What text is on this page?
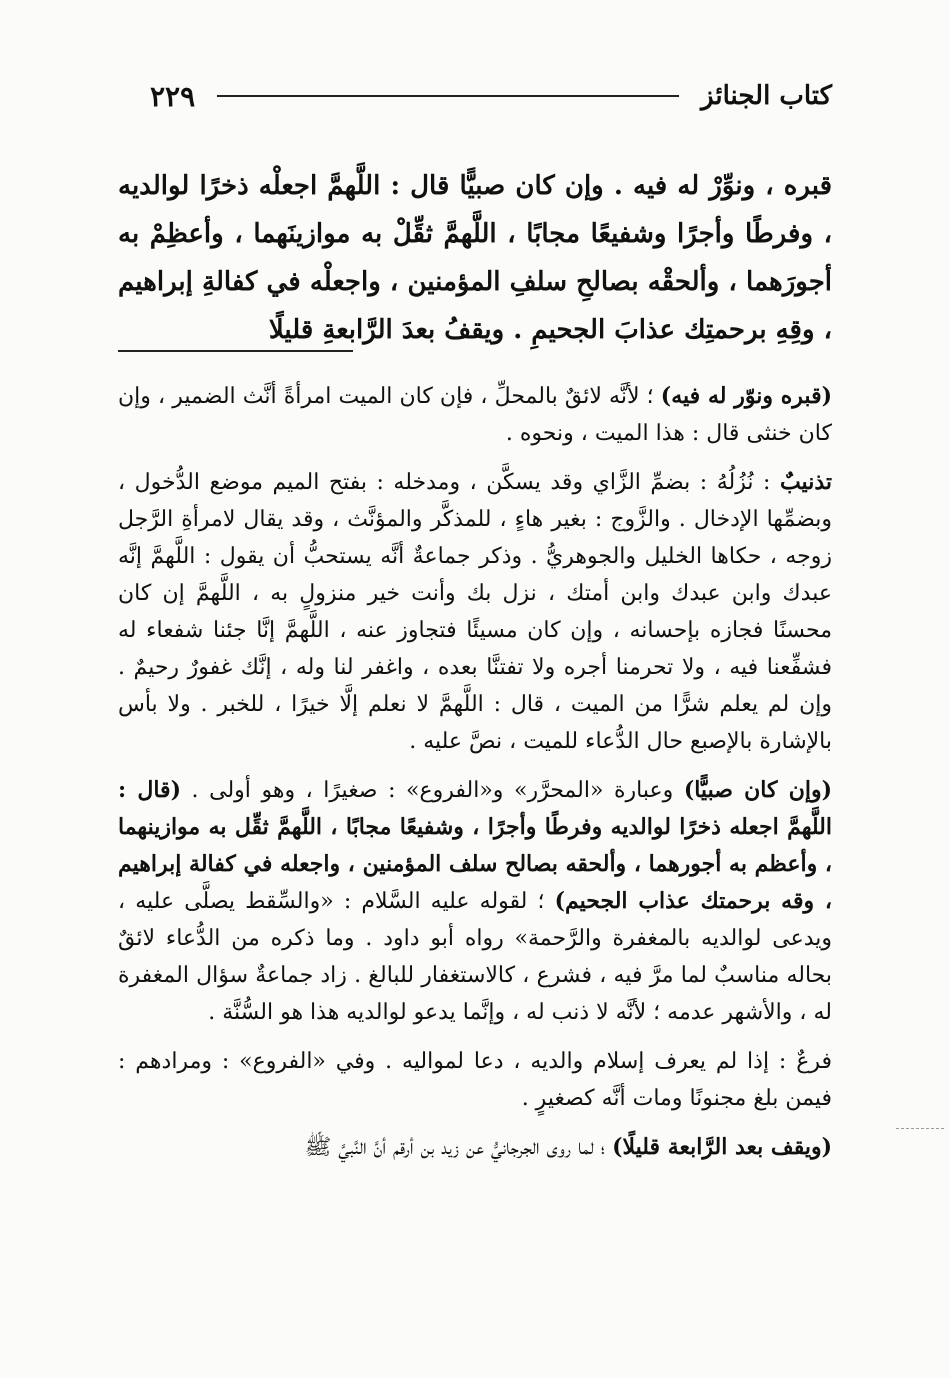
كتاب الجنائز
٢٢٩

قبره ، ونوِّرْ له فيه . وإن كان صبيًّا قال : اللَّهمَّ اجعلْه ذخرًا لوالديه ، وفرطًا وأجرًا وشفيعًا مجابًا ، اللَّهمَّ ثقِّلْ به موازينَهما ، وأعظِمْ به أجورَهما ، وألحقْه بصالحِ سلفِ المؤمنين ، واجعلْه في كفالةِ إبراهيم ، وقِهِ برحمتِك عذابَ الجحيمِ . ويقفُ بعدَ الرَّابعةِ قليلًا

(قبره ونوّر له فيه) ؛ لأنَّه لائقٌ بالمحلِّ ، فإن كان الميت امرأةً أنَّث الضمير ، وإن كان خنثى قال : هذا الميت ، ونحوه .

تذنيبٌ : نُزُلُهُ : بضمِّ الزَّاي وقد يسكَّن ، ومدخله : بفتح الميم موضع الدُّخول ، وبضمِّها الإدخال . والزَّوج : بغير هاءٍ ، للمذكَّر والمؤنَّث ، وقد يقال لامرأةِ الرَّجل زوجه ، حكاها الخليل والجوهريُّ . وذكر جماعةٌ أنَّه يستحبُّ أن يقول : اللَّهمَّ إنَّه عبدك وابن عبدك وابن أمتك ، نزل بك وأنت خير منزولٍ به ، اللَّهمَّ إن كان محسنًا فجازه بإحسانه ، وإن كان مسيئًا فتجاوز عنه ، اللَّهمَّ إنَّا جئنا شفعاء له فشفِّعنا فيه ، ولا تحرمنا أجره ولا تفتنَّا بعده ، واغفر لنا وله ، إنَّك غفورٌ رحيمٌ . وإن لم يعلم شرًّا من الميت ، قال : اللَّهمَّ لا نعلم إلَّا خيرًا ، للخبر . ولا بأس بالإشارة بالإصبع حال الدُّعاء للميت ، نصَّ عليه .

(وإن كان صبيًّا) وعبارة «المحرَّر» و«الفروع» : صغيرًا ، وهو أولى . (قال : اللَّهمَّ اجعله ذخرًا لوالديه وفرطًا وأجرًا ، وشفيعًا مجابًا ، اللَّهمَّ ثقِّل به موازينهما ، وأعظم به أجورهما ، وألحقه بصالح سلف المؤمنين ، واجعله في كفالة إبراهيم ، وقه برحمتك عذاب الجحيم) ؛ لقوله عليه السَّلام : «والسِّقط يصلَّى عليه ، ويدعى لوالديه بالمغفرة والرَّحمة» رواه أبو داود . وما ذكره من الدُّعاء لائقٌ بحاله مناسبٌ لما مرَّ فيه ، فشرع ، كالاستغفار للبالغ . زاد جماعةٌ سؤال المغفرة له ، والأشهر عدمه ؛ لأنَّه لا ذنب له ، وإنَّما يدعو لوالديه هذا هو السُّنَّة .

فرعٌ : إذا لم يعرف إسلام والديه ، دعا لمواليه . وفي «الفروع» : ومرادهم : فيمن بلغ مجنونًا ومات أنَّه كصغيرٍ .

(ويقف بعد الرَّابعة قليلًا) ؛ لما روى الجرجانيُّ عن زيد بن أرقم أنَّ النَّبيَّ ﷺ
